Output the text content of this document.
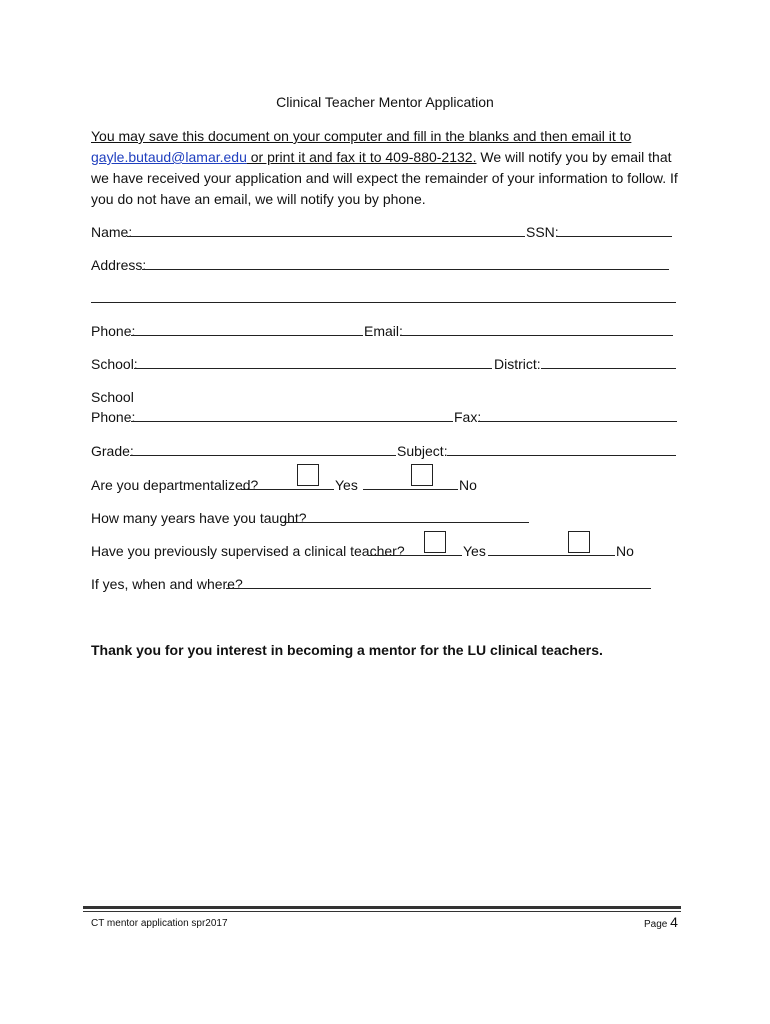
Clinical Teacher Mentor Application
You may save this document on your computer and fill in the blanks and then email it to
gayle.butaud@lamar.edu or print it and fax it to 409-880-2132. We will notify you by email that we have received your application and will expect the remainder of your information to follow. If you do not have an email, we will notify you by phone.
Name:	SSN:
Address:
Phone:	Email:
School:	District:
School
Phone:	Fax:
Grade:	Subject:
Are you departmentalized?	Yes	No
How many years have you taught?
Have you previously supervised a clinical teacher?	Yes	No
If yes, when and where?
Thank you for you interest in becoming a mentor for the LU clinical teachers.
CT mentor application spr2017	Page 4
